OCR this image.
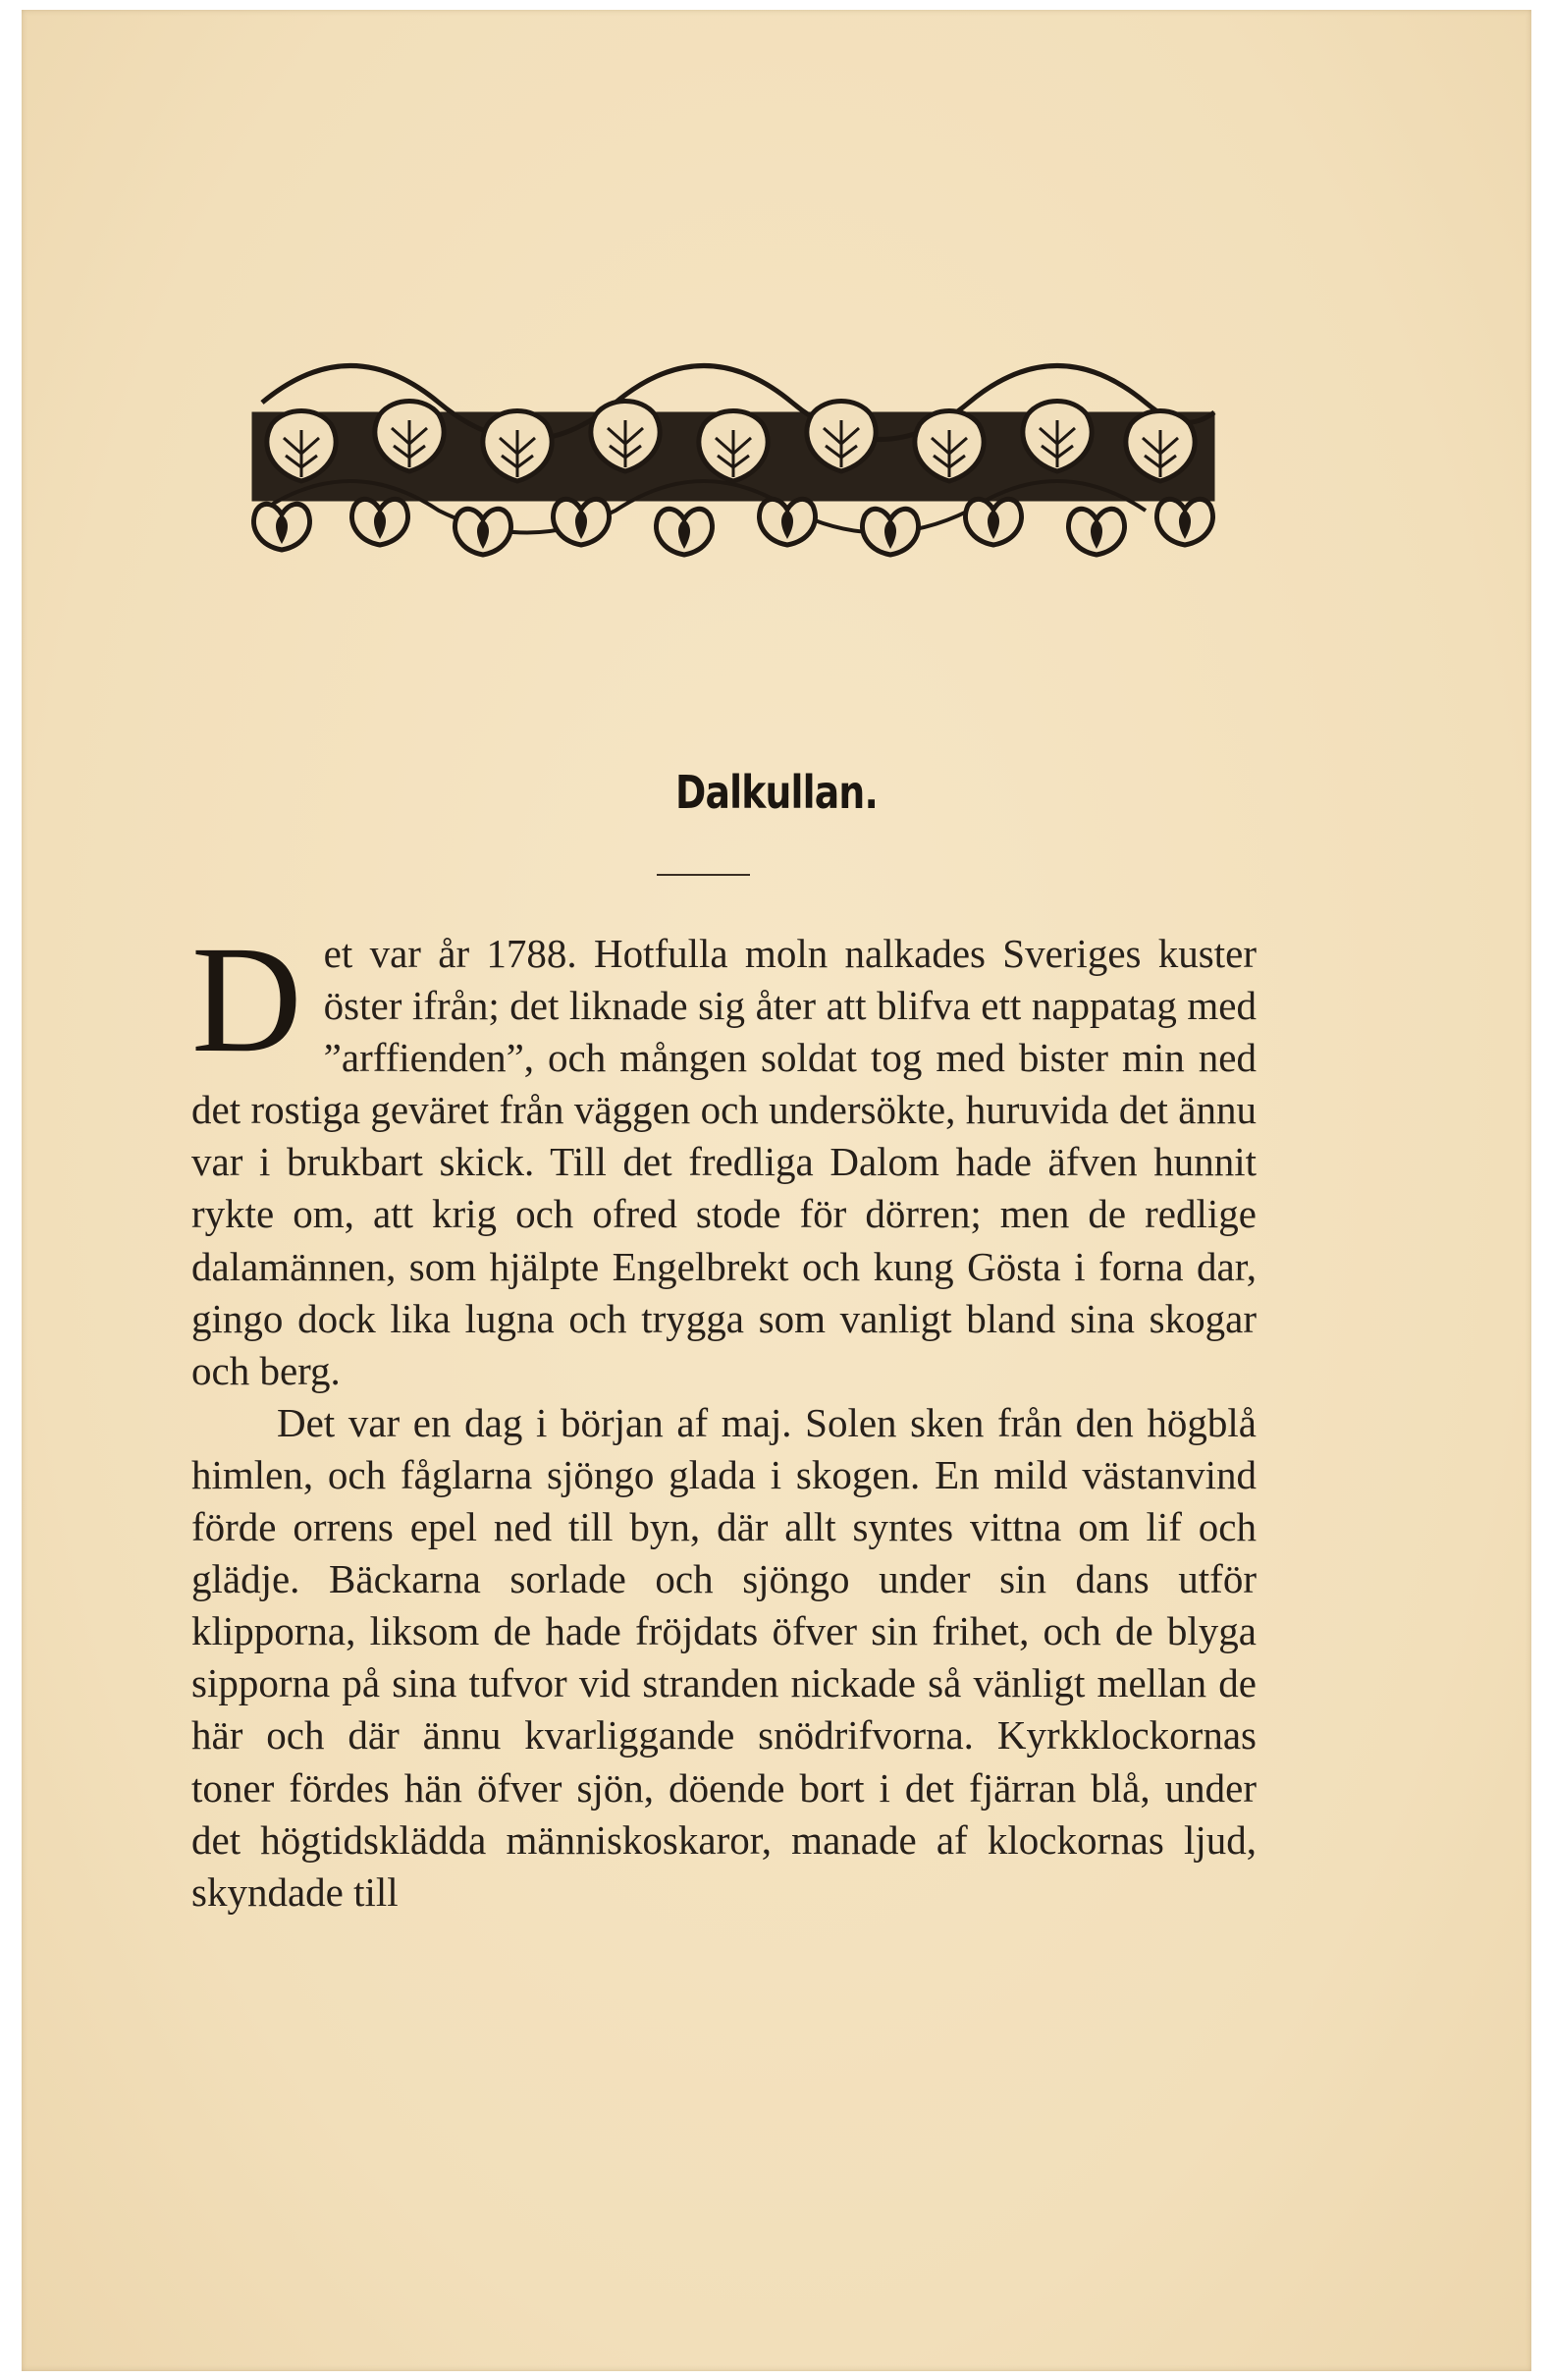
Dalkullan.

Det var år 1788. Hotfulla moln nalkades Sveriges kuster öster ifrån; det liknade sig åter att blifva ett nappatag med ”arffienden”, och mången soldat tog med bister min ned det rostiga geväret från väggen och undersökte, huruvida det ännu var i brukbart skick. Till det fredliga Dalom hade äfven hunnit rykte om, att krig och ofred stode för dörren; men de redlige dalamännen, som hjälpte Engelbrekt och kung Gösta i forna dar, gingo dock lika lugna och trygga som vanligt bland sina skogar och berg.

Det var en dag i början af maj. Solen sken från den högblå himlen, och fåglarna sjöngo glada i skogen. En mild västanvind förde orrens epel ned till byn, där allt syntes vittna om lif och glädje. Bäckarna sorlade och sjöngo under sin dans utför klipporna, liksom de hade fröjdats öfver sin frihet, och de blyga sipporna på sina tufvor vid stranden nickade så vänligt mellan de här och där ännu kvarliggande snödrifvorna. Kyrkklockornas toner fördes hän öfver sjön, döende bort i det fjärran blå, under det högtidsklädda människoskaror, manade af klockornas ljud, skyndade till
